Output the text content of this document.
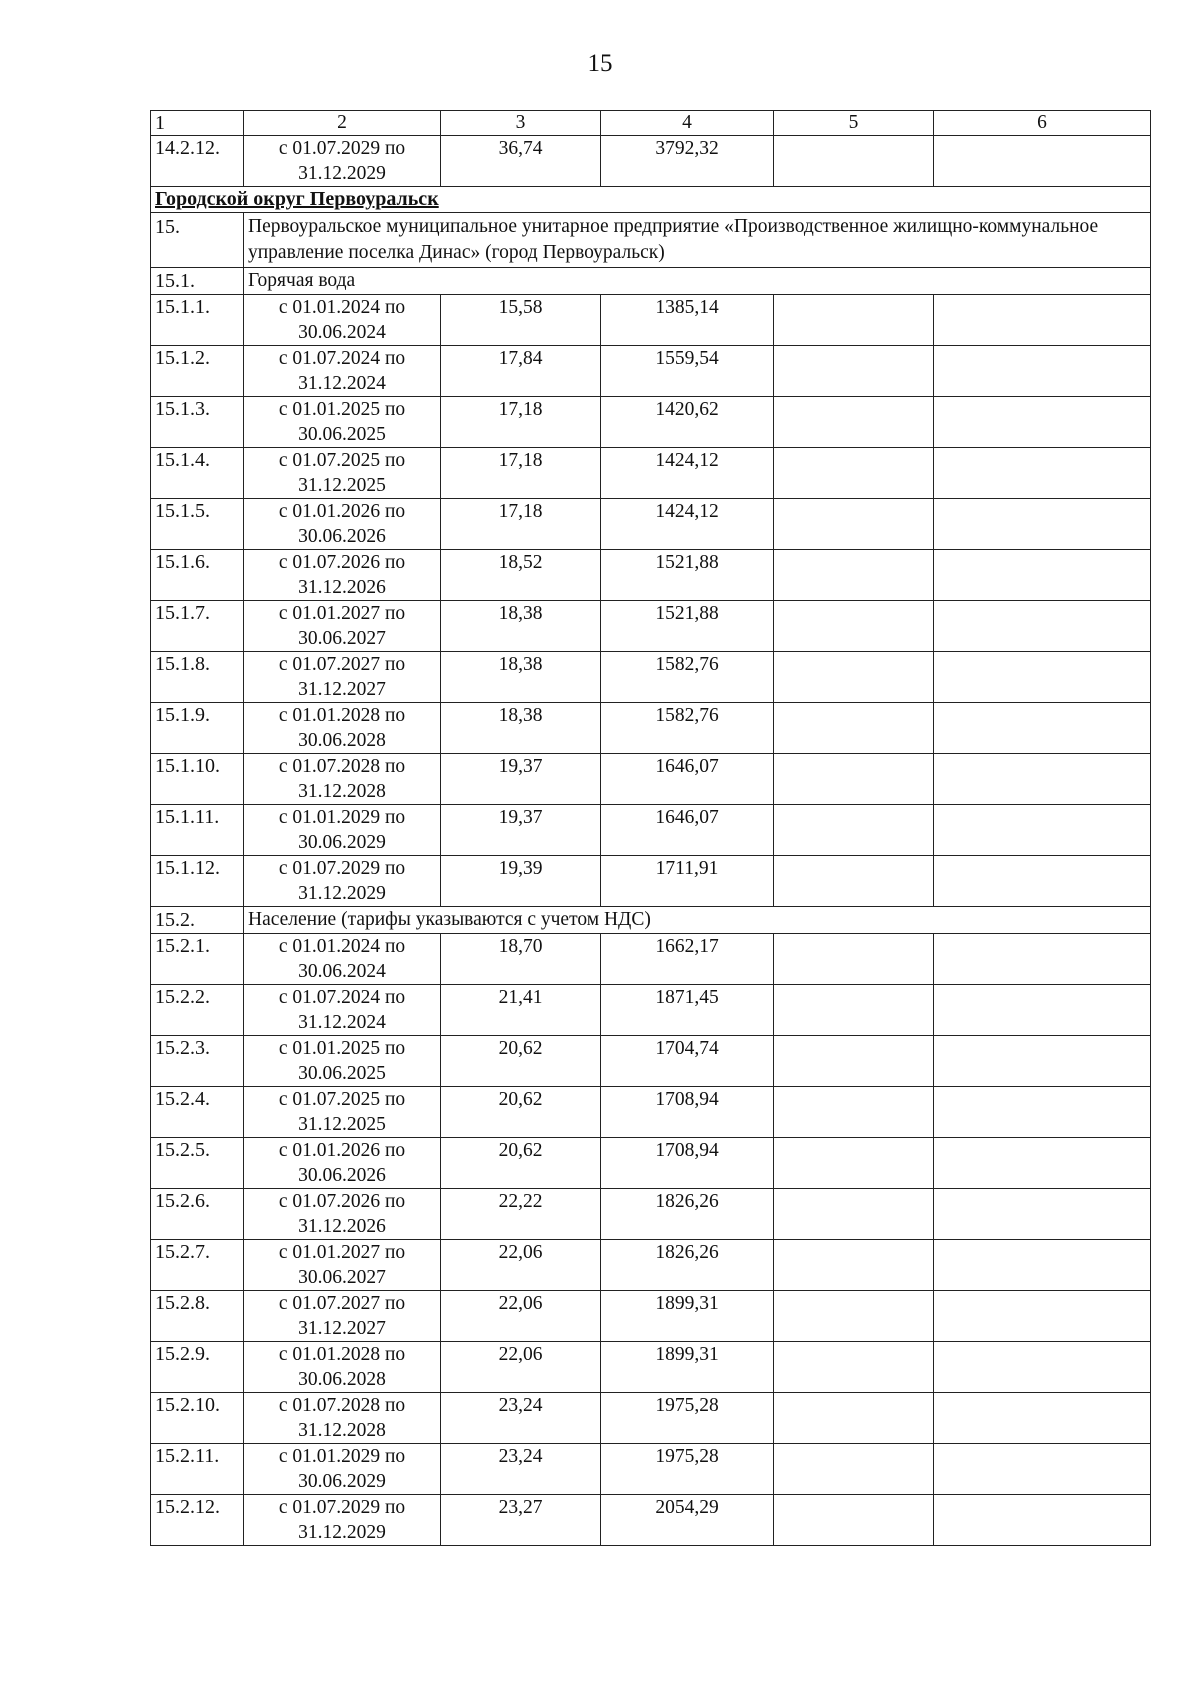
15
1	2	3	4	5	6
14.2.12.	с 01.07.2029 по 31.12.2029	36,74	3792,32		
Городской округ Первоуральск					
15.	Первоуральское муниципальное унитарное предприятие «Производственное жилищно-коммунальное управление поселка Динас» (город Первоуральск)				
15.1.	Горячая вода				
15.1.1.	с 01.01.2024 по 30.06.2024	15,58	1385,14		
15.1.2.	с 01.07.2024 по 31.12.2024	17,84	1559,54		
15.1.3.	с 01.01.2025 по 30.06.2025	17,18	1420,62		
15.1.4.	с 01.07.2025 по 31.12.2025	17,18	1424,12		
15.1.5.	с 01.01.2026 по 30.06.2026	17,18	1424,12		
15.1.6.	с 01.07.2026 по 31.12.2026	18,52	1521,88		
15.1.7.	с 01.01.2027 по 30.06.2027	18,38	1521,88		
15.1.8.	с 01.07.2027 по 31.12.2027	18,38	1582,76		
15.1.9.	с 01.01.2028 по 30.06.2028	18,38	1582,76		
15.1.10.	с 01.07.2028 по 31.12.2028	19,37	1646,07		
15.1.11.	с 01.01.2029 по 30.06.2029	19,37	1646,07		
15.1.12.	с 01.07.2029 по 31.12.2029	19,39	1711,91		
15.2.	Население (тарифы указываются с учетом НДС)				
15.2.1.	с 01.01.2024 по 30.06.2024	18,70	1662,17		
15.2.2.	с 01.07.2024 по 31.12.2024	21,41	1871,45		
15.2.3.	с 01.01.2025 по 30.06.2025	20,62	1704,74		
15.2.4.	с 01.07.2025 по 31.12.2025	20,62	1708,94		
15.2.5.	с 01.01.2026 по 30.06.2026	20,62	1708,94		
15.2.6.	с 01.07.2026 по 31.12.2026	22,22	1826,26		
15.2.7.	с 01.01.2027 по 30.06.2027	22,06	1826,26		
15.2.8.	с 01.07.2027 по 31.12.2027	22,06	1899,31		
15.2.9.	с 01.01.2028 по 30.06.2028	22,06	1899,31		
15.2.10.	с 01.07.2028 по 31.12.2028	23,24	1975,28		
15.2.11.	с 01.01.2029 по 30.06.2029	23,24	1975,28		
15.2.12.	с 01.07.2029 по 31.12.2029	23,27	2054,29		
